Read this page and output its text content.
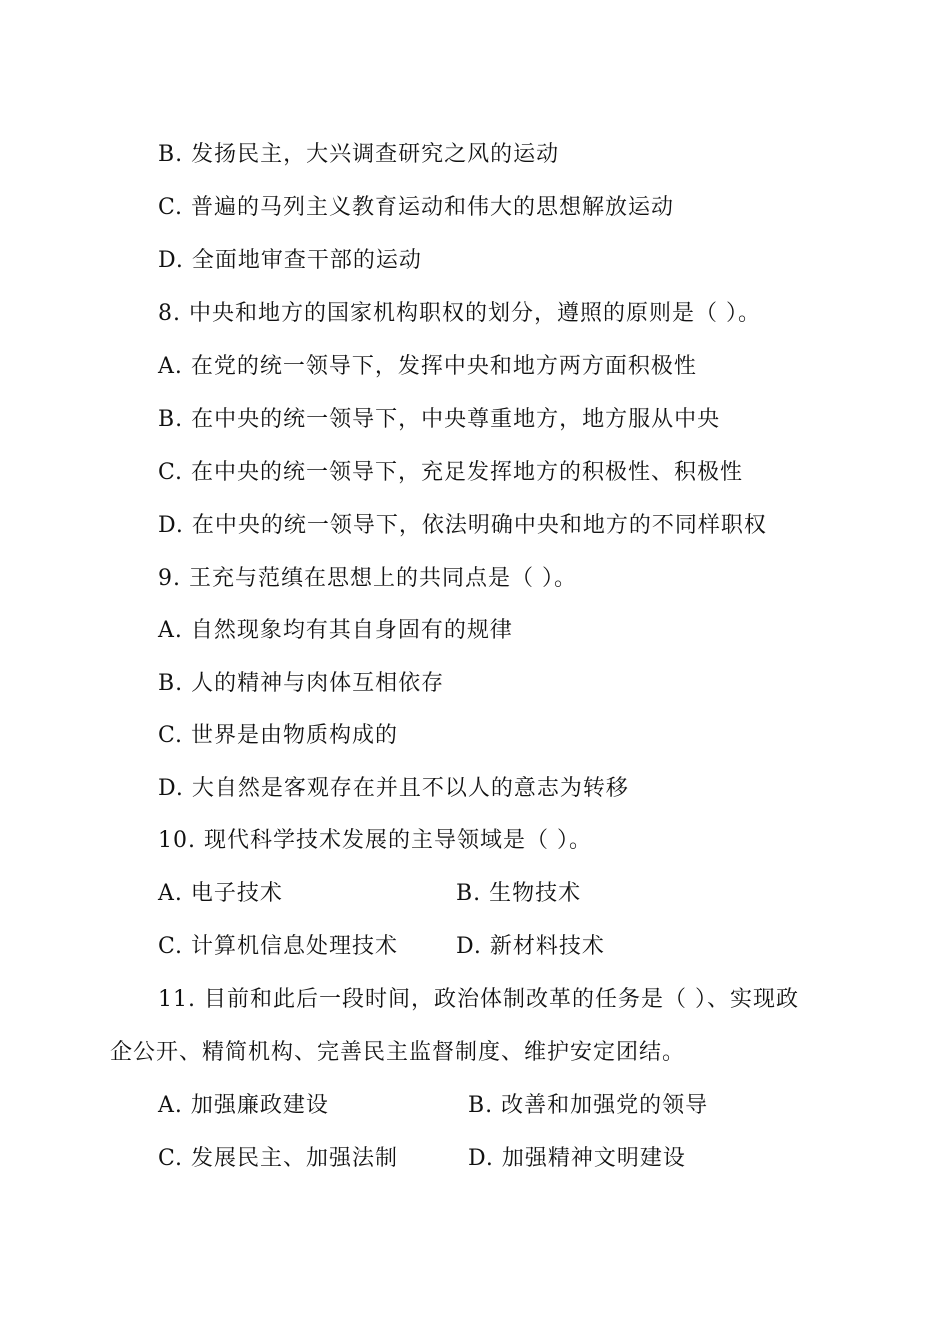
B. 发扬民主，大兴调查研究之风的运动
C. 普遍的马列主义教育运动和伟大的思想解放运动
D. 全面地审查干部的运动
8. 中央和地方的国家机构职权的划分，遵照的原则是（ ）。
A. 在党的统一领导下，发挥中央和地方两方面积极性
B. 在中央的统一领导下，中央尊重地方，地方服从中央
C. 在中央的统一领导下，充足发挥地方的积极性、积极性
D. 在中央的统一领导下，依法明确中央和地方的不同样职权
9. 王充与范缜在思想上的共同点是（ ）。
A. 自然现象均有其自身固有的规律
B. 人的精神与肉体互相依存
C. 世界是由物质构成的
D. 大自然是客观存在并且不以人的意志为转移
10. 现代科学技术发展的主导领域是（ ）。
A. 电子技术	B. 生物技术
C. 计算机信息处理技术	D. 新材料技术
11. 目前和此后一段时间，政治体制改革的任务是（ ）、实现政
企公开、精简机构、完善民主监督制度、维护安定团结。
A. 加强廉政建设	B. 改善和加强党的领导
C. 发展民主、加强法制	D. 加强精神文明建设
